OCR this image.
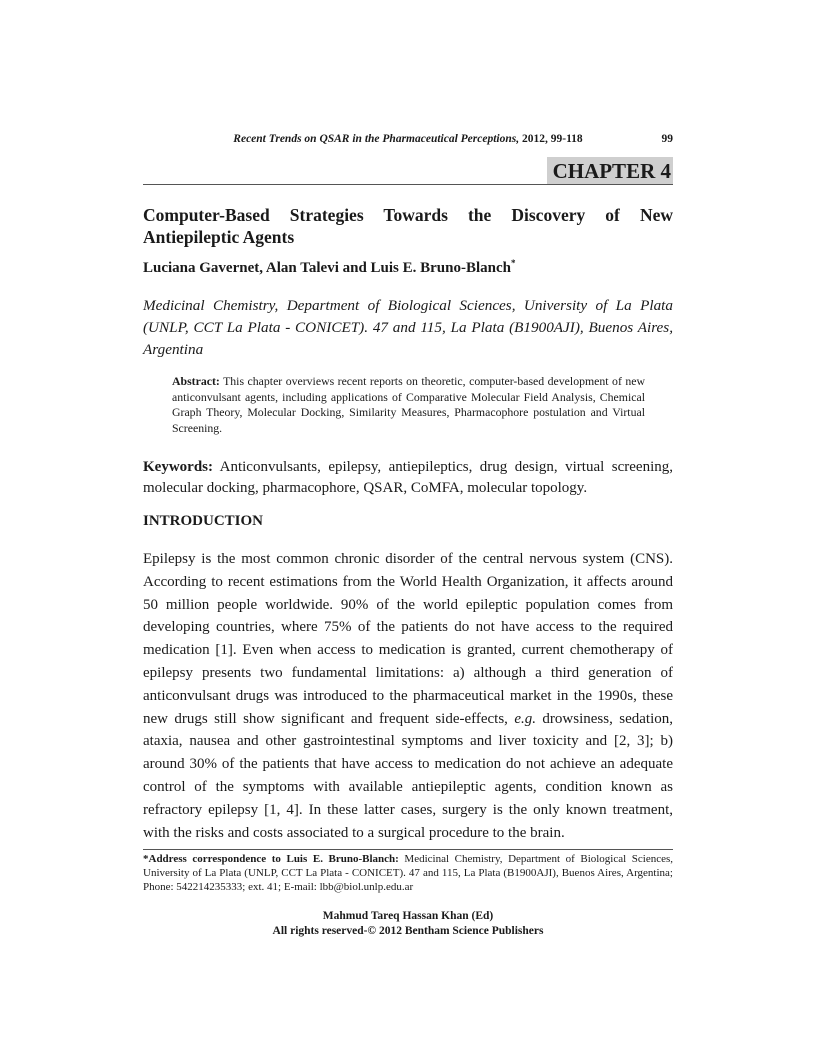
Recent Trends on QSAR in the Pharmaceutical Perceptions, 2012, 99-118	99
CHAPTER 4
Computer-Based Strategies Towards the Discovery of New
Antiepileptic Agents
Luciana Gavernet, Alan Talevi and Luis E. Bruno-Blanch*
Medicinal Chemistry, Department of Biological Sciences, University of La Plata (UNLP, CCT La Plata - CONICET). 47 and 115, La Plata (B1900AJI), Buenos Aires, Argentina

Abstract: This chapter overviews recent reports on theoretic, computer-based development of new anticonvulsant agents, including applications of Comparative Molecular Field Analysis, Chemical Graph Theory, Molecular Docking, Similarity Measures, Pharmacophore postulation and Virtual Screening.

Keywords: Anticonvulsants, epilepsy, antiepileptics, drug design, virtual screening, molecular docking, pharmacophore, QSAR, CoMFA, molecular topology.

INTRODUCTION

Epilepsy is the most common chronic disorder of the central nervous system (CNS). According to recent estimations from the World Health Organization, it affects around 50 million people worldwide. 90% of the world epileptic population comes from developing countries, where 75% of the patients do not have access to the required medication [1]. Even when access to medication is granted, current chemotherapy of epilepsy presents two fundamental limitations: a) although a third generation of anticonvulsant drugs was introduced to the pharmaceutical market in the 1990s, these new drugs still show significant and frequent side-effects, e.g. drowsiness, sedation, ataxia, nausea and other gastrointestinal symptoms and liver toxicity and [2, 3]; b) around 30% of the patients that have access to medication do not achieve an adequate control of the symptoms with available antiepileptic agents, condition known as refractory epilepsy [1, 4]. In these latter cases, surgery is the only known treatment, with the risks and costs associated to a surgical procedure to the brain.

*Address correspondence to Luis E. Bruno-Blanch: Medicinal Chemistry, Department of Biological Sciences, University of La Plata (UNLP, CCT La Plata - CONICET). 47 and 115, La Plata (B1900AJI), Buenos Aires, Argentina; Phone: 542214235333; ext. 41; E-mail: lbb@biol.unlp.edu.ar

Mahmud Tareq Hassan Khan (Ed)
All rights reserved-© 2012 Bentham Science Publishers
